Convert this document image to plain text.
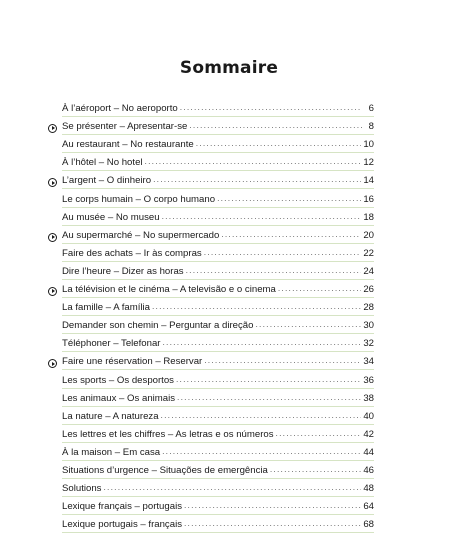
Sommaire
À l’aéroport – No aeroporto .....	6
Se présenter – Apresentar-se .....	8
Au restaurant – No restaurante .....	10
À l’hôtel – No hotel .....	12
L’argent – O dinheiro .....	14
Le corps humain – O corpo humano .....	16
Au musée – No museu .....	18
Au supermarché – No supermercado .....	20
Faire des achats – Ir às compras .....	22
Dire l’heure – Dizer as horas .....	24
La télévision et le cinéma – A televisão e o cinema .....	26
La famille – A família .....	28
Demander son chemin – Perguntar a direção .....	30
Téléphoner – Telefonar .....	32
Faire une réservation – Reservar .....	34
Les sports – Os desportos .....	36
Les animaux – Os animais .....	38
La nature – A natureza .....	40
Les lettres et les chiffres – As letras e os números .....	42
À la maison – Em casa .....	44
Situations d’urgence – Situações de emergência .....	46
Solutions .....	48
Lexique français – portugais .....	64
Lexique portugais – français .....	68
